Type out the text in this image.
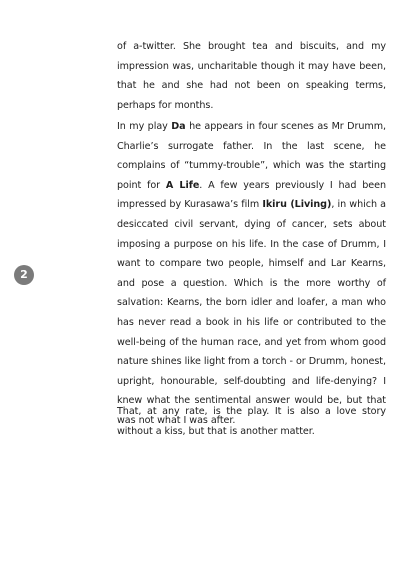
of a-twitter. She brought tea and biscuits, and my impression was, uncharitable though it may have been, that he and she had not been on speaking terms, perhaps for months.
In my play Da he appears in four scenes as Mr Drumm, Charlie’s surrogate father. In the last scene, he complains of “tummy-trouble”, which was the starting point for A Life. A few years previously I had been impressed by Kurasawa’s film Ikiru (Living), in which a desiccated civil servant, dying of cancer, sets about imposing a purpose on his life. In the case of Drumm, I want to compare two people, himself and Lar Kearns, and pose a question. Which is the more worthy of salvation: Kearns, the born idler and loafer, a man who has never read a book in his life or contributed to the well-being of the human race, and yet from whom good nature shines like light from a torch - or Drumm, honest, upright, honourable, self-doubting and life-denying? I knew what the sentimental answer would be, but that was not what I was after.
That, at any rate, is the play. It is also a love story without a kiss, but that is another matter.
2
